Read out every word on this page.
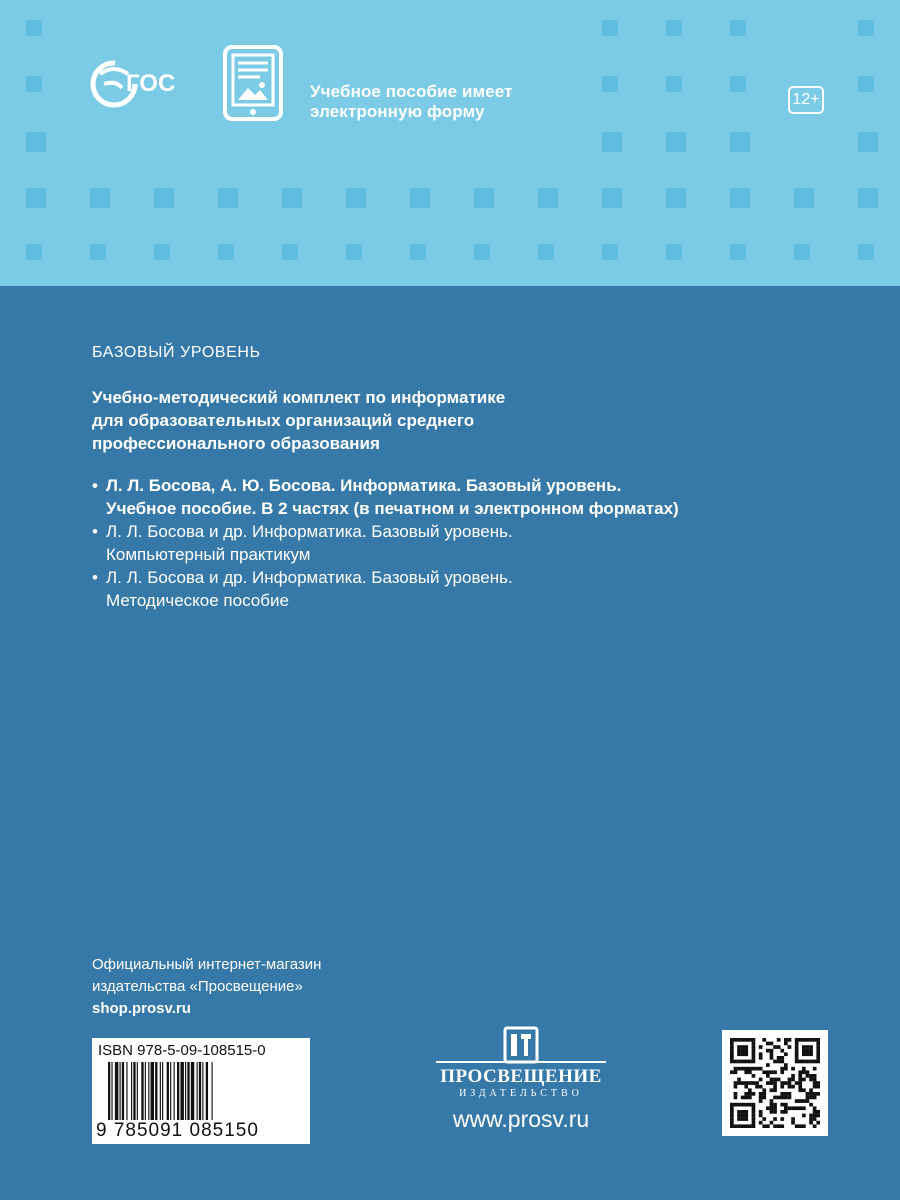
ГОС	Учебное пособие имеет
электронную форму
12+
БАЗОВЫЙ УРОВЕНЬ
Учебно-методический комплект по информатике
для образовательных организаций среднего
профессионального образования
• Л. Л. Босова, А. Ю. Босова. Информатика. Базовый уровень.
Учебное пособие. В 2 частях (в печатном и электронном форматах)
• Л. Л. Босова и др. Информатика. Базовый уровень.
Компьютерный практикум
• Л. Л. Босова и др. Информатика. Базовый уровень.
Методическое пособие
Официальный интернет-магазин
издательства «Просвещение»
shop.prosv.ru
ISBN 978-5-09-108515-0
9 785091 085150
ПРОСВЕЩЕНИЕ
ИЗДАТЕЛЬСТВО
www.prosv.ru
